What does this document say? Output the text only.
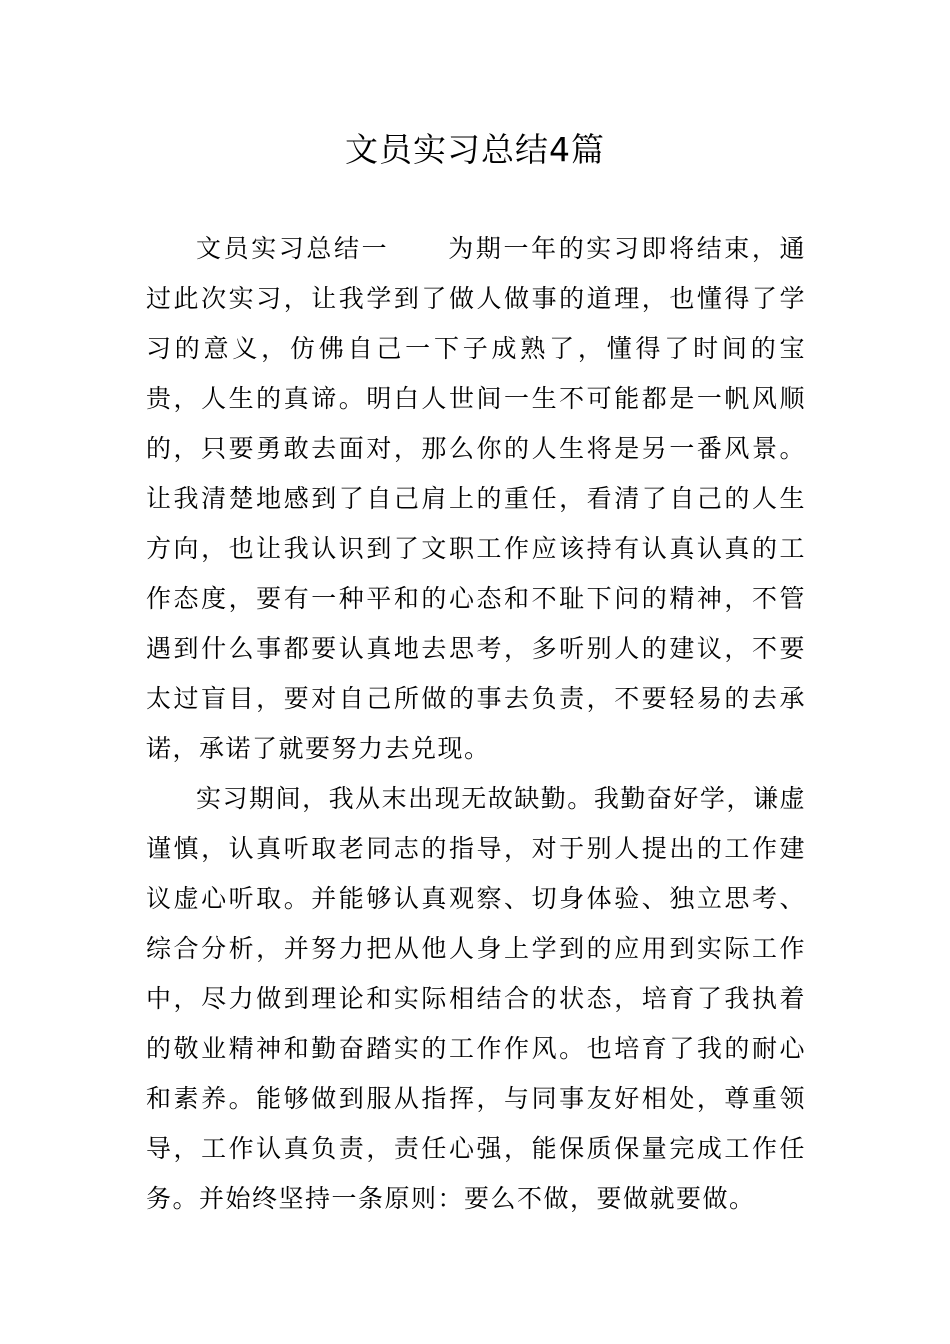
文员实习总结4篇

文员实习总结一 为期一年的实习即将结束，通过此次实习，让我学到了做人做事的道理，也懂得了学习的意义，仿佛自己一下子成熟了，懂得了时间的宝贵，人生的真谛。明白人世间一生不可能都是一帆风顺的，只要勇敢去面对，那么你的人生将是另一番风景。让我清楚地感到了自己肩上的重任，看清了自己的人生方向，也让我认识到了文职工作应该持有认真认真的工作态度，要有一种平和的心态和不耻下问的精神，不管遇到什么事都要认真地去思考，多听别人的建议，不要太过盲目，要对自己所做的事去负责，不要轻易的去承诺，承诺了就要努力去兑现。

实习期间，我从末出现无故缺勤。我勤奋好学，谦虚谨慎，认真听取老同志的指导，对于别人提出的工作建议虚心听取。并能够认真观察、切身体验、独立思考、综合分析，并努力把从他人身上学到的应用到实际工作中，尽力做到理论和实际相结合的状态，培育了我执着的敬业精神和勤奋踏实的工作作风。也培育了我的耐心和素养。能够做到服从指挥，与同事友好相处，尊重领导，工作认真负责，责任心强，能保质保量完成工作任务。并始终坚持一条原则：要么不做，要做就要做。
